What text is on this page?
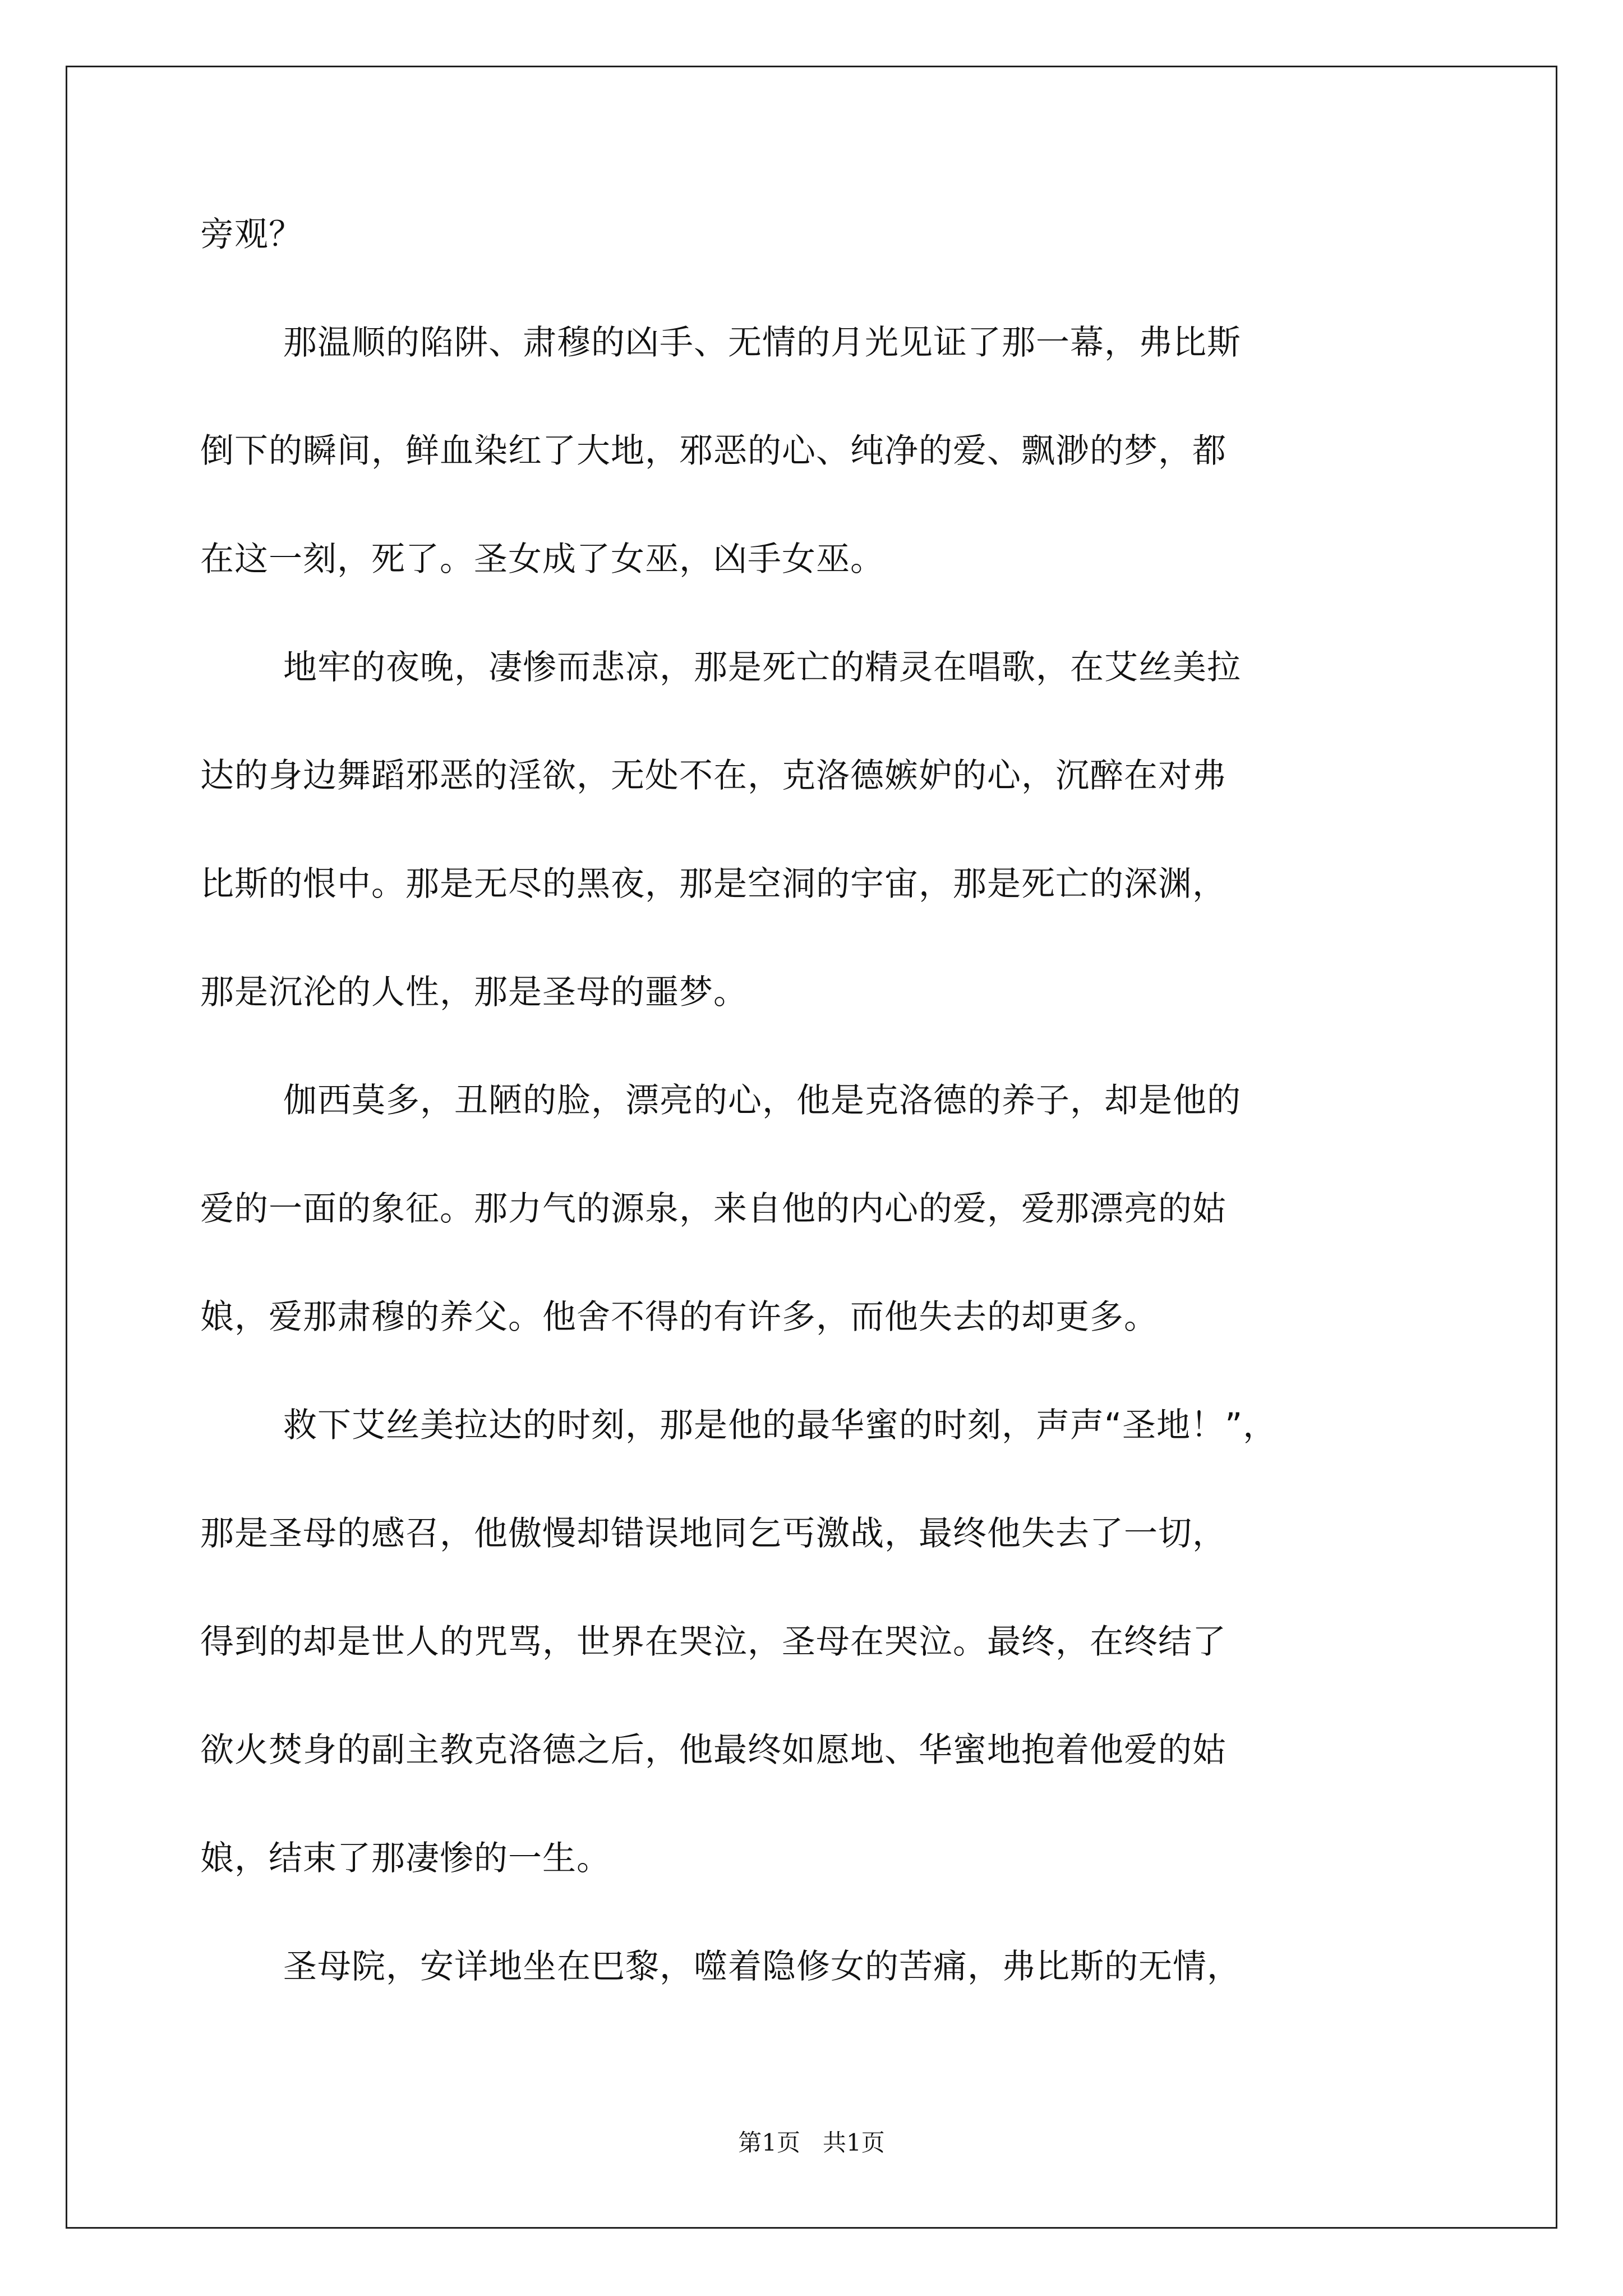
旁观？
那温顺的陷阱、肃穆的凶手、无情的月光见证了那一幕，弗比斯
倒下的瞬间，鲜血染红了大地，邪恶的心、纯净的爱、飘渺的梦，都
在这一刻，死了。圣女成了女巫，凶手女巫。
地牢的夜晚，凄惨而悲凉，那是死亡的精灵在唱歌，在艾丝美拉
达的身边舞蹈邪恶的淫欲，无处不在，克洛德嫉妒的心，沉醉在对弗
比斯的恨中。那是无尽的黑夜，那是空洞的宇宙，那是死亡的深渊，
那是沉沦的人性，那是圣母的噩梦。
伽西莫多，丑陋的脸，漂亮的心，他是克洛德的养子，却是他的
爱的一面的象征。那力气的源泉，来自他的内心的爱，爱那漂亮的姑
娘，爱那肃穆的养父。他舍不得的有许多，而他失去的却更多。
救下艾丝美拉达的时刻，那是他的最华蜜的时刻，声声“圣地！”，
那是圣母的感召，他傲慢却错误地同乞丐激战，最终他失去了一切，
得到的却是世人的咒骂，世界在哭泣，圣母在哭泣。最终，在终结了
欲火焚身的副主教克洛德之后，他最终如愿地、华蜜地抱着他爱的姑
娘，结束了那凄惨的一生。
圣母院，安详地坐在巴黎，噬着隐修女的苦痛，弗比斯的无情，
第1页 共1页
